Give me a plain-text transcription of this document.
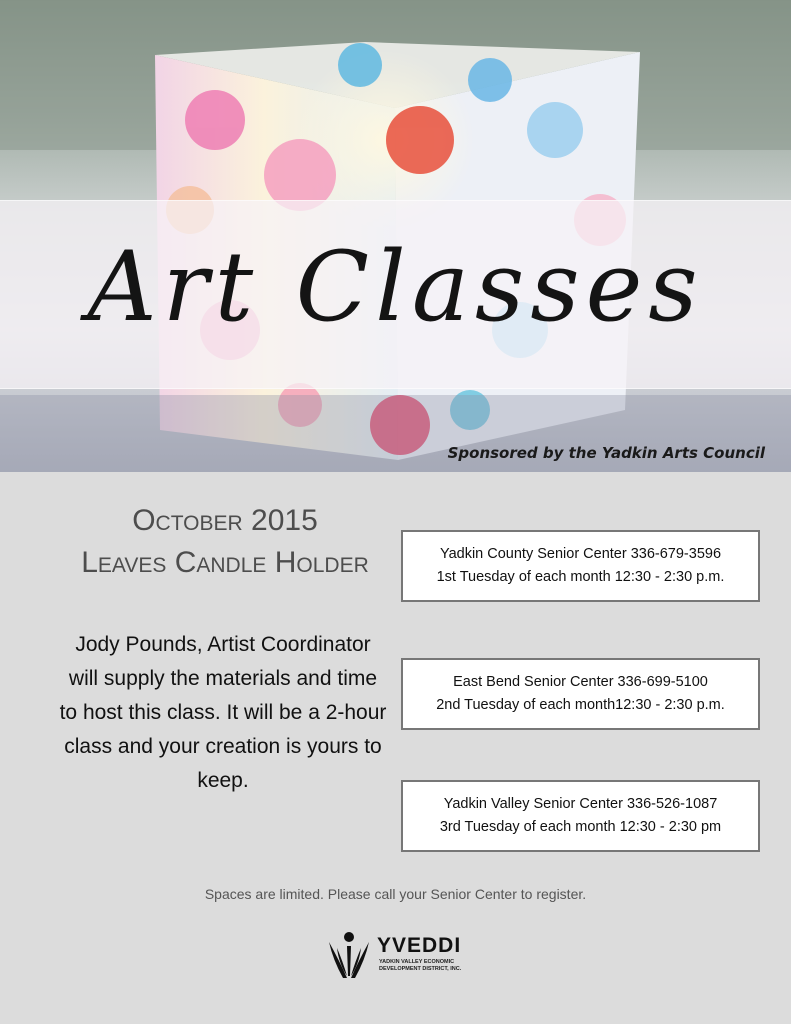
Art Classes
Sponsored by the Yadkin Arts Council
October 2015
Leaves Candle Holder
Jody Pounds, Artist Coordinator will supply the materials and time to host this class. It will be a 2-hour class and your creation is yours to keep.
Yadkin County Senior Center 336-679-3596
1st Tuesday of each month 12:30 - 2:30 p.m.
East Bend Senior Center 336-699-5100
2nd Tuesday of each month12:30 - 2:30 p.m.
Yadkin Valley Senior Center 336-526-1087
3rd Tuesday of each month 12:30 - 2:30 pm
Spaces are limited. Please call your Senior Center to register.
YVEDDI
YADKIN VALLEY ECONOMIC DEVELOPMENT DISTRICT, INC.
